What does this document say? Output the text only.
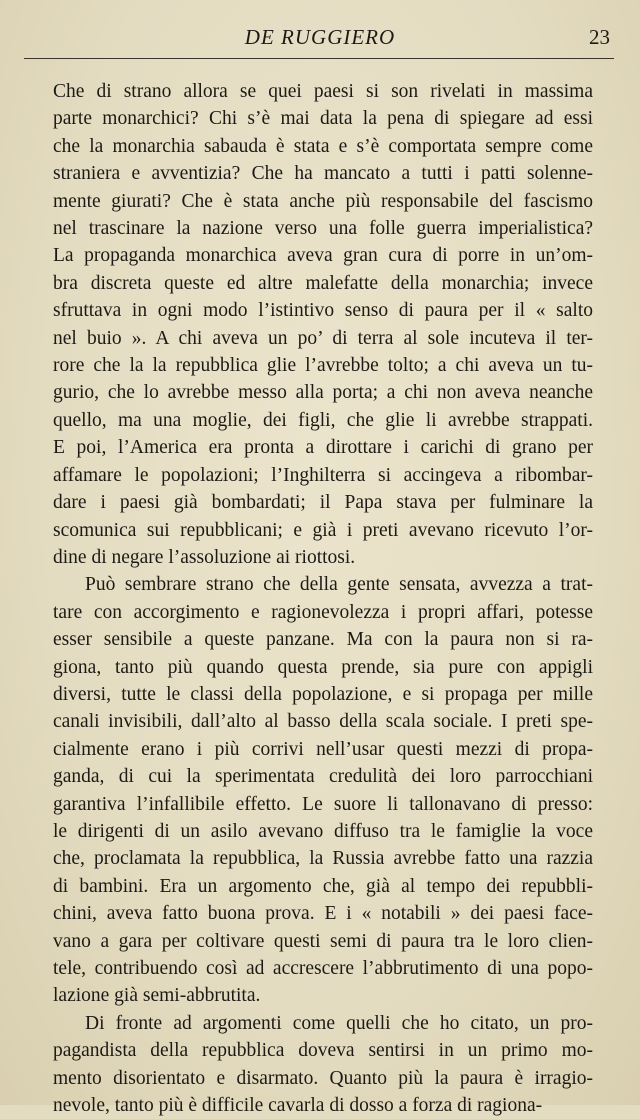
DE RUGGIERO	23
Che di strano allora se quei paesi si son rivelati in massima
parte monarchici? Chi s’è mai data la pena di spiegare ad essi
che la monarchia sabauda è stata e s’è comportata sempre come
straniera e avventizia? Che ha mancato a tutti i patti solenne-
mente giurati? Che è stata anche più responsabile del fascismo
nel trascinare la nazione verso una folle guerra imperialistica?
La propaganda monarchica aveva gran cura di porre in un’om-
bra discreta queste ed altre malefatte della monarchia; invece
sfruttava in ogni modo l’istintivo senso di paura per il « salto
nel buio ». A chi aveva un po’ di terra al sole incuteva il ter-
rore che la la repubblica glie l’avrebbe tolto; a chi aveva un tu-
gurio, che lo avrebbe messo alla porta; a chi non aveva neanche
quello, ma una moglie, dei figli, che glie li avrebbe strappati.
E poi, l’America era pronta a dirottare i carichi di grano per
affamare le popolazioni; l’Inghilterra si accingeva a ribombar-
dare i paesi già bombardati; il Papa stava per fulminare la
scomunica sui repubblicani; e già i preti avevano ricevuto l’or-
dine di negare l’assoluzione ai riottosi.
Può sembrare strano che della gente sensata, avvezza a trat-
tare con accorgimento e ragionevolezza i propri affari, potesse
esser sensibile a queste panzane. Ma con la paura non si ra-
giona, tanto più quando questa prende, sia pure con appigli
diversi, tutte le classi della popolazione, e si propaga per mille
canali invisibili, dall’alto al basso della scala sociale. I preti spe-
cialmente erano i più corrivi nell’usar questi mezzi di propa-
ganda, di cui la sperimentata credulità dei loro parrocchiani
garantiva l’infallibile effetto. Le suore li tallonavano di presso:
le dirigenti di un asilo avevano diffuso tra le famiglie la voce
che, proclamata la repubblica, la Russia avrebbe fatto una razzia
di bambini. Era un argomento che, già al tempo dei repubbli-
chini, aveva fatto buona prova. E i « notabili » dei paesi face-
vano a gara per coltivare questi semi di paura tra le loro clien-
tele, contribuendo così ad accrescere l’abbrutimento di una popo-
lazione già semi-abbrutita.
Di fronte ad argomenti come quelli che ho citato, un pro-
pagandista della repubblica doveva sentirsi in un primo mo-
mento disorientato e disarmato. Quanto più la paura è irragio-
nevole, tanto più è difficile cavarla di dosso a forza di ragiona-
